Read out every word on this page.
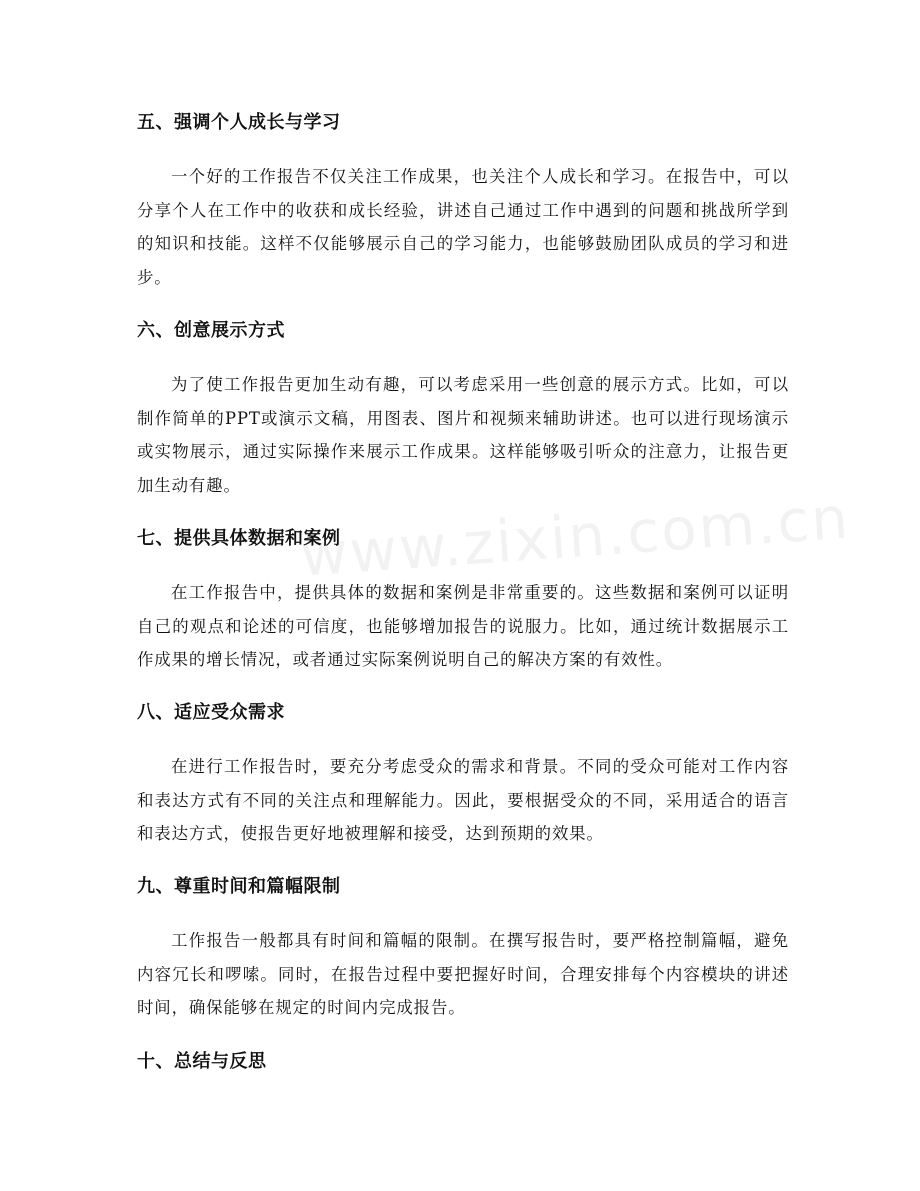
www.zixin.com.cn
五、强调个人成长与学习

一个好的工作报告不仅关注工作成果，也关注个人成长和学习。在报告中，可以分享个人在工作中的收获和成长经验，讲述自己通过工作中遇到的问题和挑战所学到的知识和技能。这样不仅能够展示自己的学习能力，也能够鼓励团队成员的学习和进步。

六、创意展示方式

为了使工作报告更加生动有趣，可以考虑采用一些创意的展示方式。比如，可以制作简单的PPT或演示文稿，用图表、图片和视频来辅助讲述。也可以进行现场演示或实物展示，通过实际操作来展示工作成果。这样能够吸引听众的注意力，让报告更加生动有趣。

七、提供具体数据和案例

在工作报告中，提供具体的数据和案例是非常重要的。这些数据和案例可以证明自己的观点和论述的可信度，也能够增加报告的说服力。比如，通过统计数据展示工作成果的增长情况，或者通过实际案例说明自己的解决方案的有效性。

八、适应受众需求

在进行工作报告时，要充分考虑受众的需求和背景。不同的受众可能对工作内容和表达方式有不同的关注点和理解能力。因此，要根据受众的不同，采用适合的语言和表达方式，使报告更好地被理解和接受，达到预期的效果。

九、尊重时间和篇幅限制

工作报告一般都具有时间和篇幅的限制。在撰写报告时，要严格控制篇幅，避免内容冗长和啰嗦。同时，在报告过程中要把握好时间，合理安排每个内容模块的讲述时间，确保能够在规定的时间内完成报告。

十、总结与反思
